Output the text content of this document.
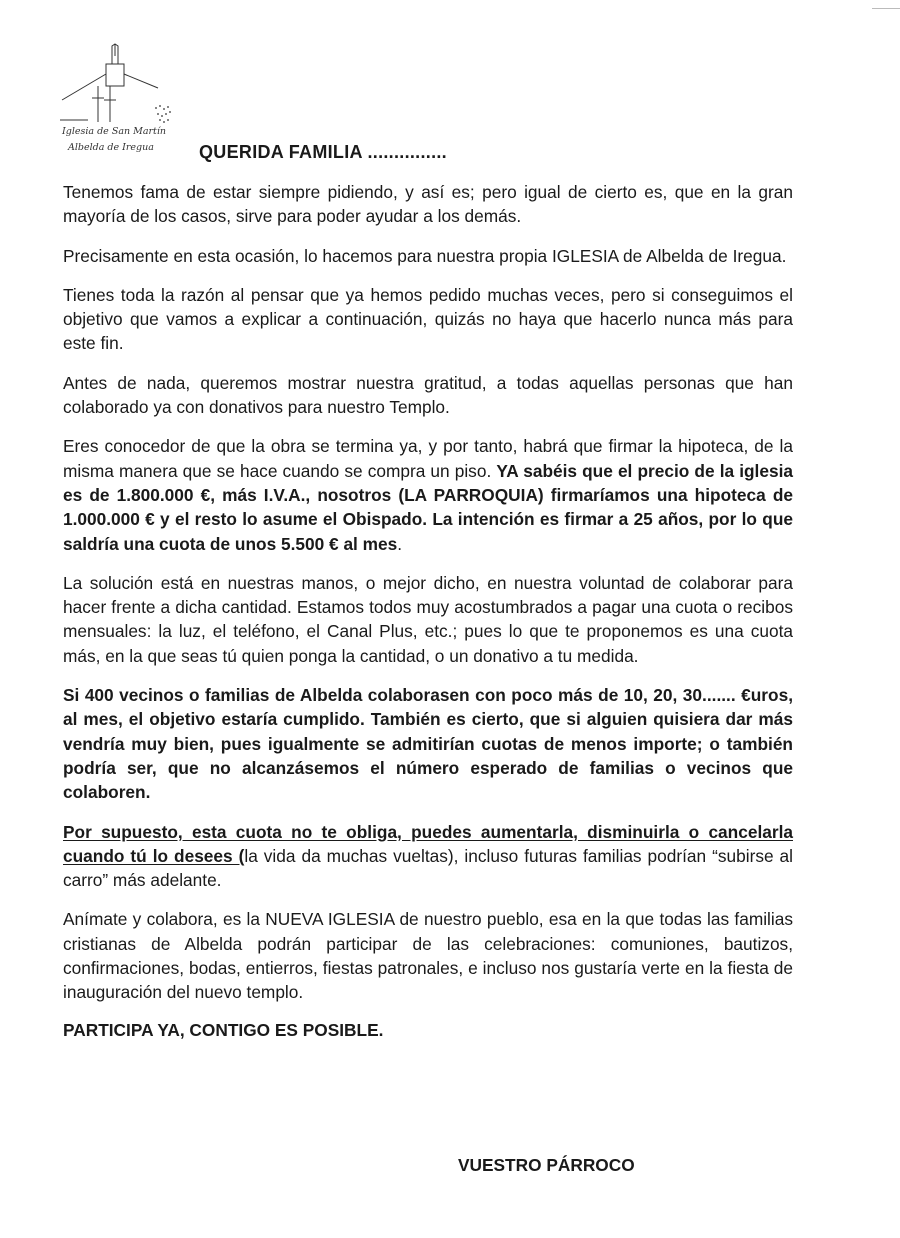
Iglesia de San Martín
Albelda de Iregua	QUERIDA FAMILIA ...............

Tenemos fama de estar siempre pidiendo, y así es; pero igual de cierto es, que en la gran mayoría de los casos, sirve para poder ayudar a los demás.

Precisamente en esta ocasión, lo hacemos para nuestra propia IGLESIA de Albelda de Iregua.

Tienes toda la razón al pensar que ya hemos pedido muchas veces, pero si conseguimos el objetivo que vamos a explicar a continuación, quizás no haya que hacerlo nunca más para este fin.

Antes de nada, queremos mostrar nuestra gratitud, a todas aquellas personas que han colaborado ya con donativos para nuestro Templo.

Eres conocedor de que la obra se termina ya, y por tanto, habrá que firmar la hipoteca, de la misma manera que se hace cuando se compra un piso. YA sabéis que el precio de la iglesia es de 1.800.000 €, más I.V.A., nosotros (LA PARROQUIA) firmaríamos una hipoteca de 1.000.000 € y el resto lo asume el Obispado. La intención es firmar a 25 años, por lo que saldría una cuota de unos 5.500 € al mes.

La solución está en nuestras manos, o mejor dicho, en nuestra voluntad de colaborar para hacer frente a dicha cantidad. Estamos todos muy acostumbrados a pagar una cuota o recibos mensuales: la luz, el teléfono, el Canal Plus, etc.; pues lo que te proponemos es una cuota más, en la que seas tú quien ponga la cantidad, o un donativo a tu medida.

Si 400 vecinos o familias de Albelda colaborasen con poco más de 10, 20, 30....... €uros, al mes, el objetivo estaría cumplido. También es cierto, que si alguien quisiera dar más vendría muy bien, pues igualmente se admitirían cuotas de menos importe; o también podría ser, que no alcanzásemos el número esperado de familias o vecinos que colaboren.

Por supuesto, esta cuota no te obliga, puedes aumentarla, disminuirla o cancelarla cuando tú lo desees (la vida da muchas vueltas), incluso futuras familias podrían “subirse al carro” más adelante.

Anímate y colabora, es la NUEVA IGLESIA de nuestro pueblo, esa en la que todas las familias cristianas de Albelda podrán participar de las celebraciones: comuniones, bautizos, confirmaciones, bodas, entierros, fiestas patronales, e incluso nos gustaría verte en la fiesta de inauguración del nuevo templo.

PARTICIPA YA, CONTIGO ES POSIBLE.
VUESTRO PÁRROCO
